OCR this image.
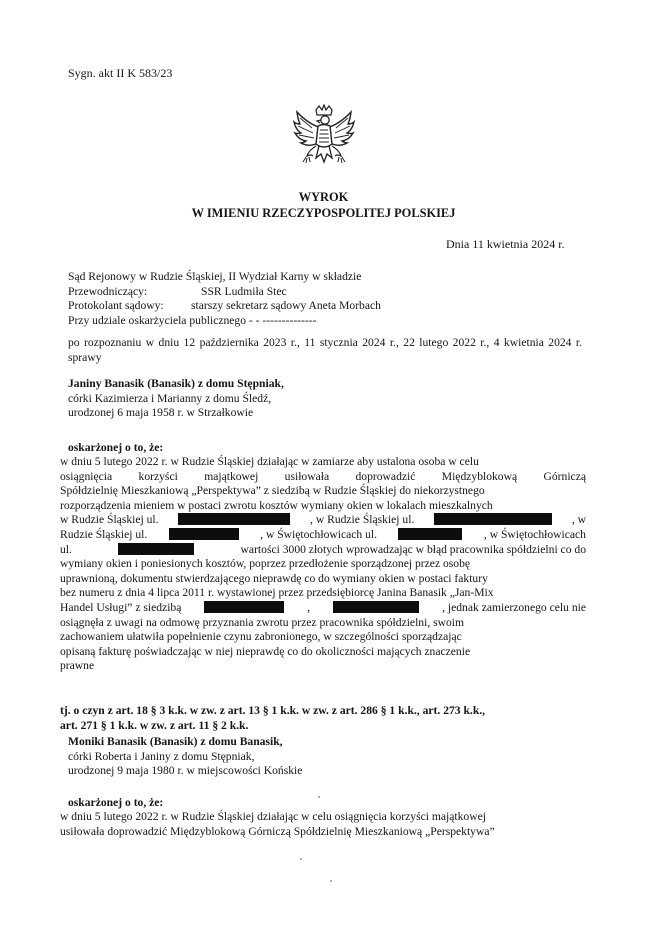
Sygn. akt II K 583/23
WYROK
W IMIENIU RZECZYPOSPOLITEJ POLSKIEJ
Dnia 11 kwietnia 2024 r.
Sąd Rejonowy w Rudzie Śląskiej, II Wydział Karny w składzie
Przewodniczący:	SSR Ludmiła Stec
Protokolant sądowy: starszy sekretarz sądowy Aneta Morbach
Przy udziale oskarżyciela publicznego - - --------------
po rozpoznaniu w dniu 12 października 2023 r., 11 stycznia 2024 r., 22 lutego 2022 r., 4 kwietnia 2024 r. sprawy
Janiny Banasik (Banasik) z domu Stępniak,
córki Kazimierza i Marianny z domu Śledź,
urodzonej 6 maja 1958 r. w Strzałkowie
oskarżonej o to, że:
w dniu 5 lutego 2022 r. w Rudzie Śląskiej działając w zamiarze aby ustalona osoba w celu
osiągnięcia korzyści majątkowej usiłowała doprowadzić Międzyblokową Górniczą
Spółdzielnię Mieszkaniową „Perspektywa” z siedzibą w Rudzie Śląskiej do niekorzystnego
rozporządzenia mieniem w postaci zwrotu kosztów wymiany okien w lokalach mieszkalnych
w Rudzie Śląskiej ul.	, w Rudzie Śląskiej ul.	, w
Rudzie Śląskiej ul.	, w Świętochłowicach ul.	, w Świętochłowicach
ul.	wartości 3000 złotych wprowadzając w błąd pracownika spółdzielni co do
wymiany okien i poniesionych kosztów, poprzez przedłożenie sporządzonej przez osobę
uprawnioną, dokumentu stwierdzającego nieprawdę co do wymiany okien w postaci faktury
bez numeru z dnia 4 lipca 2011 r. wystawionej przez przedsiębiorcę Janina Banasik „Jan-Mix
Handel Usługi” z siedzibą	,	, jednak zamierzonego celu nie
osiągnęła z uwagi na odmowę przyznania zwrotu przez pracownika spółdzielni, swoim
zachowaniem ułatwiła popełnienie czynu zabronionego, w szczególności sporządzając
opisaną fakturę poświadczając w niej nieprawdę co do okoliczności mających znaczenie
prawne
tj. o czyn z art. 18 § 3 k.k. w zw. z art. 13 § 1 k.k. w zw. z art. 286 § 1 k.k., art. 273 k.k.,
art. 271 § 1 k.k. w zw. z art. 11 § 2 k.k.
Moniki Banasik (Banasik) z domu Banasik,
córki Roberta i Janiny z domu Stępniak,
urodzonej 9 maja 1980 r. w miejscowości Końskie
oskarżonej o to, że:
w dniu 5 lutego 2022 r. w Rudzie Śląskiej działając w celu osiągnięcia korzyści majątkowej
usiłowała doprowadzić Międzyblokową Górniczą Spółdzielnię Mieszkaniową „Perspektywa”
